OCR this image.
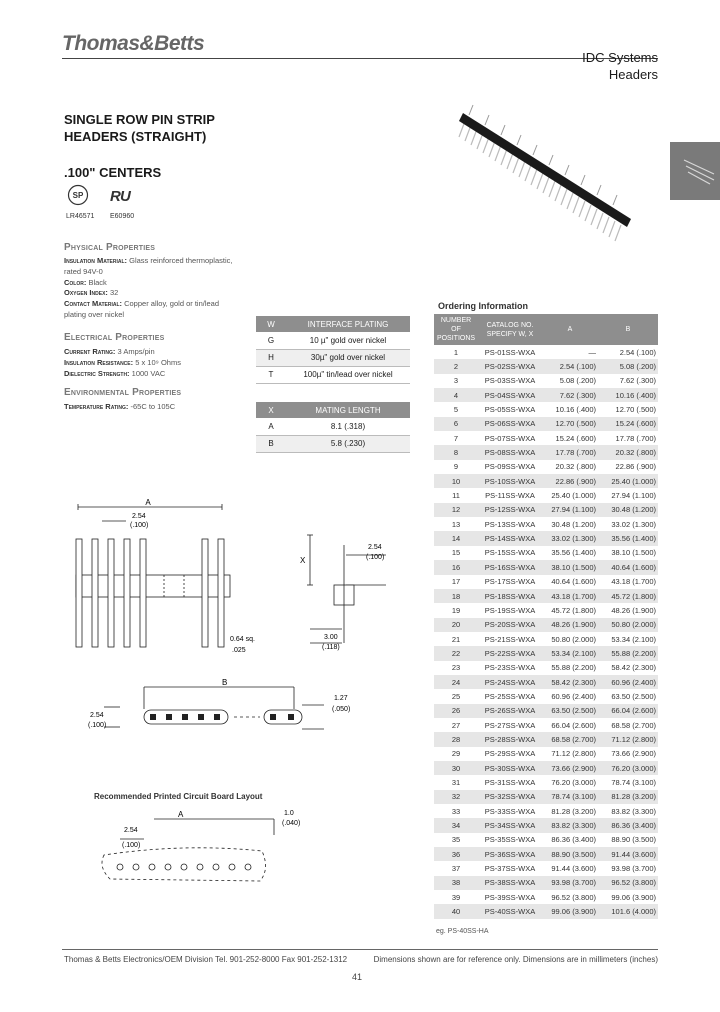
Thomas&Betts
IDC Systems
Headers
SINGLE ROW PIN STRIP
HEADERS (STRAIGHT)
.100" CENTERS
SP R U
LR46571 E60960
Physical Properties
Insulation Material: Glass reinforced thermoplastic,
rated 94V-0
Color: Black
Oxygen Index: 32
Contact Material: Copper alloy, gold or tin/lead
plating over nickel
Electrical Properties
Current Rating: 3 Amps/pin
Insulation Resistance: 5 x 10⁹ Ohms
Dielectric Strength: 1000 VAC
Environmental Properties
Temperature Rating: -65C to 105C
W	INTERFACE PLATING
G	10 µ" gold over nickel
H	30µ" gold over nickel
T	100µ" tin/lead over nickel
X	MATING LENGTH
A	8.1 (.318)
B	5.8 (.230)
Ordering Information
NUMBER OF POSITIONS	CATALOG NO. SPECIFY W, X	A	B
1	PS-01SS-WXA	—	2.54 (.100)
2	PS-02SS-WXA	2.54 (.100)	5.08 (.200)
3	PS-03SS-WXA	5.08 (.200)	7.62 (.300)
4	PS-04SS-WXA	7.62 (.300)	10.16 (.400)
5	PS-05SS-WXA	10.16 (.400)	12.70 (.500)
6	PS-06SS-WXA	12.70 (.500)	15.24 (.600)
7	PS-07SS-WXA	15.24 (.600)	17.78 (.700)
8	PS-08SS-WXA	17.78 (.700)	20.32 (.800)
9	PS-09SS-WXA	20.32 (.800)	22.86 (.900)
10	PS-10SS-WXA	22.86 (.900)	25.40 (1.000)
11	PS-11SS-WXA	25.40 (1.000)	27.94 (1.100)
12	PS-12SS-WXA	27.94 (1.100)	30.48 (1.200)
13	PS-13SS-WXA	30.48 (1.200)	33.02 (1.300)
14	PS-14SS-WXA	33.02 (1.300)	35.56 (1.400)
15	PS-15SS-WXA	35.56 (1.400)	38.10 (1.500)
16	PS-16SS-WXA	38.10 (1.500)	40.64 (1.600)
17	PS-17SS-WXA	40.64 (1.600)	43.18 (1.700)
18	PS-18SS-WXA	43.18 (1.700)	45.72 (1.800)
19	PS-19SS-WXA	45.72 (1.800)	48.26 (1.900)
20	PS-20SS-WXA	48.26 (1.900)	50.80 (2.000)
21	PS-21SS-WXA	50.80 (2.000)	53.34 (2.100)
22	PS-22SS-WXA	53.34 (2.100)	55.88 (2.200)
23	PS-23SS-WXA	55.88 (2.200)	58.42 (2.300)
24	PS-24SS-WXA	58.42 (2.300)	60.96 (2.400)
25	PS-25SS-WXA	60.96 (2.400)	63.50 (2.500)
26	PS-26SS-WXA	63.50 (2.500)	66.04 (2.600)
27	PS-27SS-WXA	66.04 (2.600)	68.58 (2.700)
28	PS-28SS-WXA	68.58 (2.700)	71.12 (2.800)
29	PS-29SS-WXA	71.12 (2.800)	73.66 (2.900)
30	PS-30SS-WXA	73.66 (2.900)	76.20 (3.000)
31	PS-31SS-WXA	76.20 (3.000)	78.74 (3.100)
32	PS-32SS-WXA	78.74 (3.100)	81.28 (3.200)
33	PS-33SS-WXA	81.28 (3.200)	83.82 (3.300)
34	PS-34SS-WXA	83.82 (3.300)	86.36 (3.400)
35	PS-35SS-WXA	86.36 (3.400)	88.90 (3.500)
36	PS-36SS-WXA	88.90 (3.500)	91.44 (3.600)
37	PS-37SS-WXA	91.44 (3.600)	93.98 (3.700)
38	PS-38SS-WXA	93.98 (3.700)	96.52 (3.800)
39	PS-39SS-WXA	96.52 (3.800)	99.06 (3.900)
40	PS-40SS-WXA	99.06 (3.900)	101.6 (4.000)
eg. PS-40SS-HA
A
2.54
(.100)
0.64 sq.
.025
X
2.54
(.100)
3.00
(.118)
B
2.54
(.100)
1.27
(.050)
Recommended Printed Circuit Board Layout
A
2.54
(.100)
1.0
(.040)
Thomas & Betts Electronics/OEM Division Tel. 901-252-8000 Fax 901-252-1312	Dimensions shown are for reference only. Dimensions are in millimeters (inches)
41
